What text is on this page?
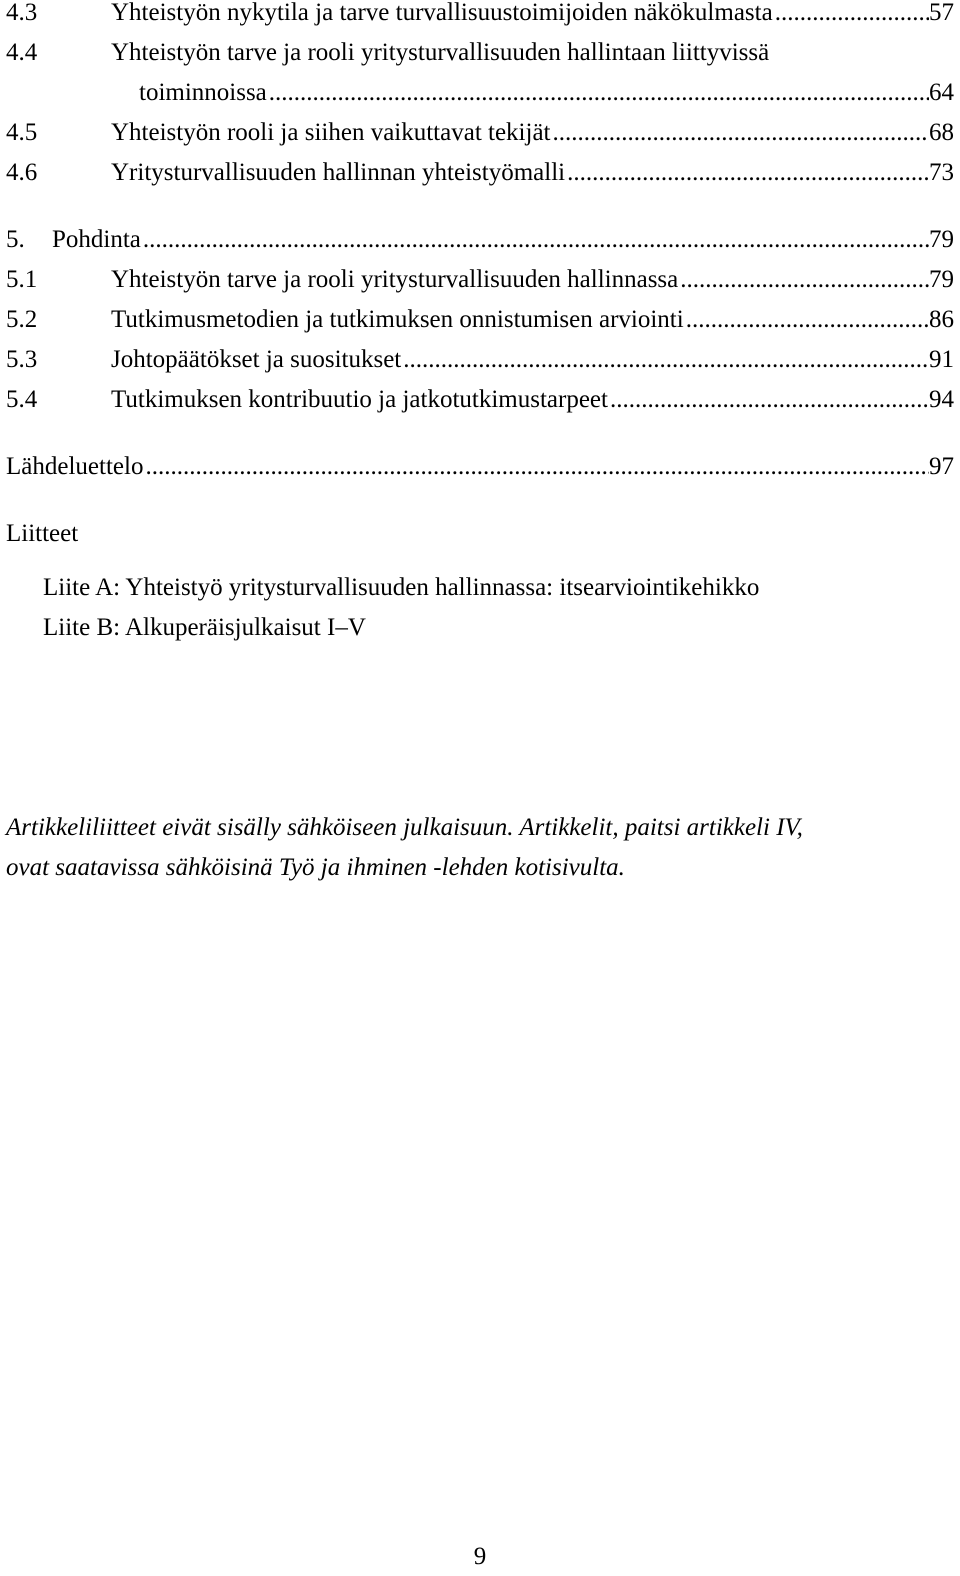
4.3	Yhteistyön nykytila ja tarve turvallisuustoimijoiden näkökulmasta .....	57
4.4	Yhteistyön tarve ja rooli yritysturvallisuuden hallintaan liittyvissä
toiminnoissa .....	64
4.5	Yhteistyön rooli ja siihen vaikuttavat tekijät .....	68
4.6	Yritysturvallisuuden hallinnan yhteistyömalli .....	73
5.	Pohdinta .....	79
5.1	Yhteistyön tarve ja rooli yritysturvallisuuden hallinnassa .....	79
5.2	Tutkimusmetodien ja tutkimuksen onnistumisen arviointi .....	86
5.3	Johtopäätökset ja suositukset .....	91
5.4	Tutkimuksen kontribuutio ja jatkotutkimustarpeet .....	94
Lähdeluettelo .....	97
Liitteet
Liite A: Yhteistyö yritysturvallisuuden hallinnassa: itsearviointikehikko
Liite B: Alkuperäisjulkaisut I–V
Artikkeliliitteet eivät sisälly sähköiseen julkaisuun. Artikkelit, paitsi artikkeli IV,
ovat saatavissa sähköisinä Työ ja ihminen -lehden kotisivulta.
9
